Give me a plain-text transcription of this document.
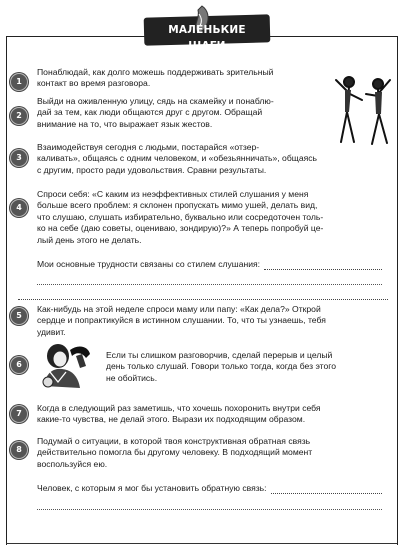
МАЛЕНЬКИЕ ШАГИ
1

Понаблюдай, как долго можешь поддерживать зрительный
контакт во время разговора.

2

Выйди на оживленную улицу, сядь на скамейку и понаблю-
дай за тем, как люди общаются друг с другом. Обращай
внимание на то, что выражает язык жестов.

3

Взаимодействуя сегодня с людьми, постарайся «отзер-
каливать», общаясь с одним человеком, и «обезьянничать», общаясь
с другим, просто ради удовольствия. Сравни результаты.

4

Спроси себя: «С каким из неэффективных стилей слушания у меня
больше всего проблем: я склонен пропускать мимо ушей, делать вид,
что слушаю, слушать избирательно, буквально или сосредоточен толь-
ко на себе (даю советы, оцениваю, зондирую)?» А теперь попробуй це-
лый день этого не делать.

Мои основные трудности связаны со стилем слушания:
5

Как-нибудь на этой неделе спроси маму или папу: «Как дела?» Открой
сердце и попрактикуйся в истинном слушании. То, что ты узнаешь, тебя
удивит.

6

Если ты слишком разговорчив, сделай перерыв и целый
день только слушай. Говори только тогда, когда без этого
не обойтись.

7

Когда в следующий раз заметишь, что хочешь похоронить внутри себя
какие-то чувства, не делай этого. Вырази их подходящим образом.

8

Подумай о ситуации, в которой твоя конструктивная обратная связь
действительно помогла бы другому человеку. В подходящий момент
воспользуйся ею.

Человек, с которым я мог бы установить обратную связь:
